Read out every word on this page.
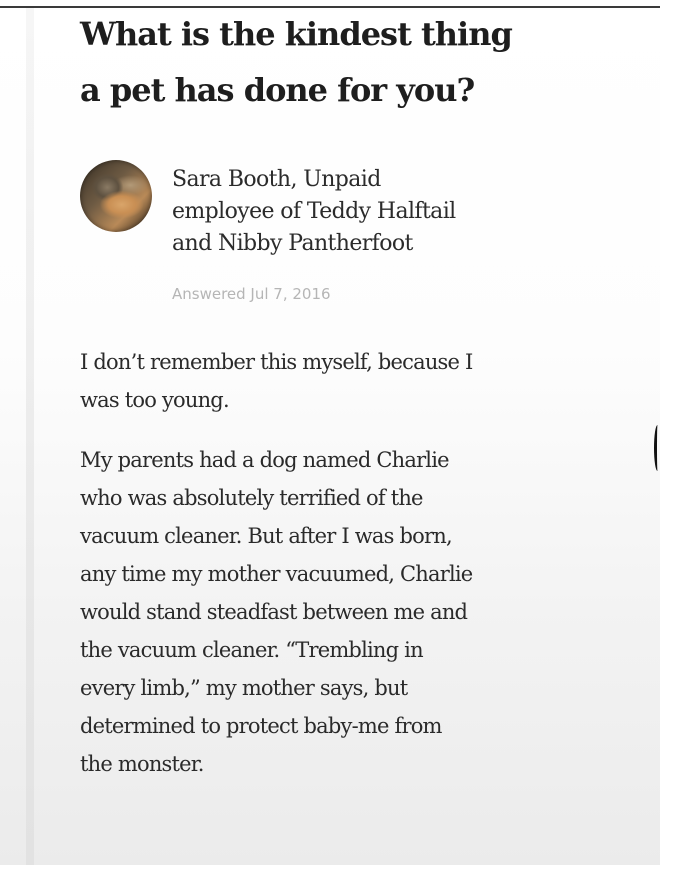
What is the kindest thing
a pet has done for you?
Sara Booth, Unpaid
employee of Teddy Halftail
and Nibby Pantherfoot
Answered Jul 7, 2016

I don’t remember this myself, because I
was too young.

My parents had a dog named Charlie
who was absolutely terrified of the
vacuum cleaner. But after I was born,
any time my mother vacuumed, Charlie
would stand steadfast between me and
the vacuum cleaner. “Trembling in
every limb,” my mother says, but
determined to protect baby-me from
the monster.
